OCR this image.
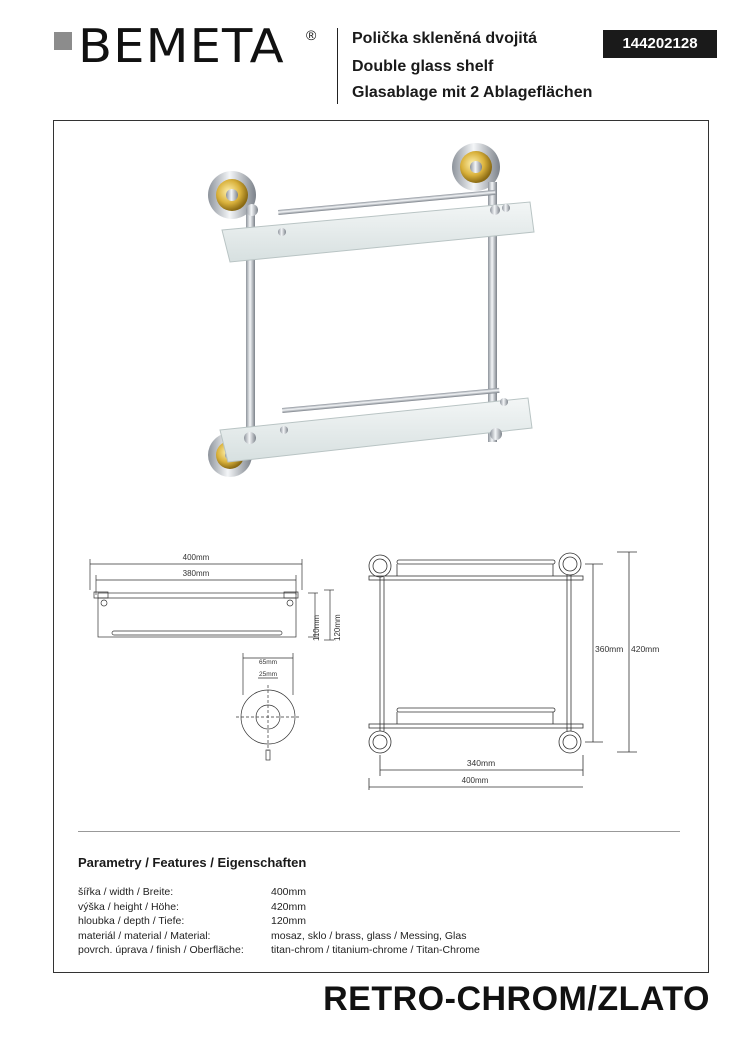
BEMETA ® Polička skleněná dvojitá
Double glass shelf
Glasablage mit 2 Ablageflächen
144202128
400mm
380mm
110mm 120mm
65mm
25mm
360mm 420mm
340mm
400mm
Parametry / Features / Eigenschaften
šířka / width / Breite:	400mm
výška / height / Höhe:	420mm
hloubka / depth / Tiefe:	120mm
materiál / material / Material:	mosaz, sklo / brass, glass / Messing, Glas
povrch. úprava / finish / Oberfläche:	titan-chrom / titanium-chrome / Titan-Chrome
RETRO-CHROM/ZLATO
